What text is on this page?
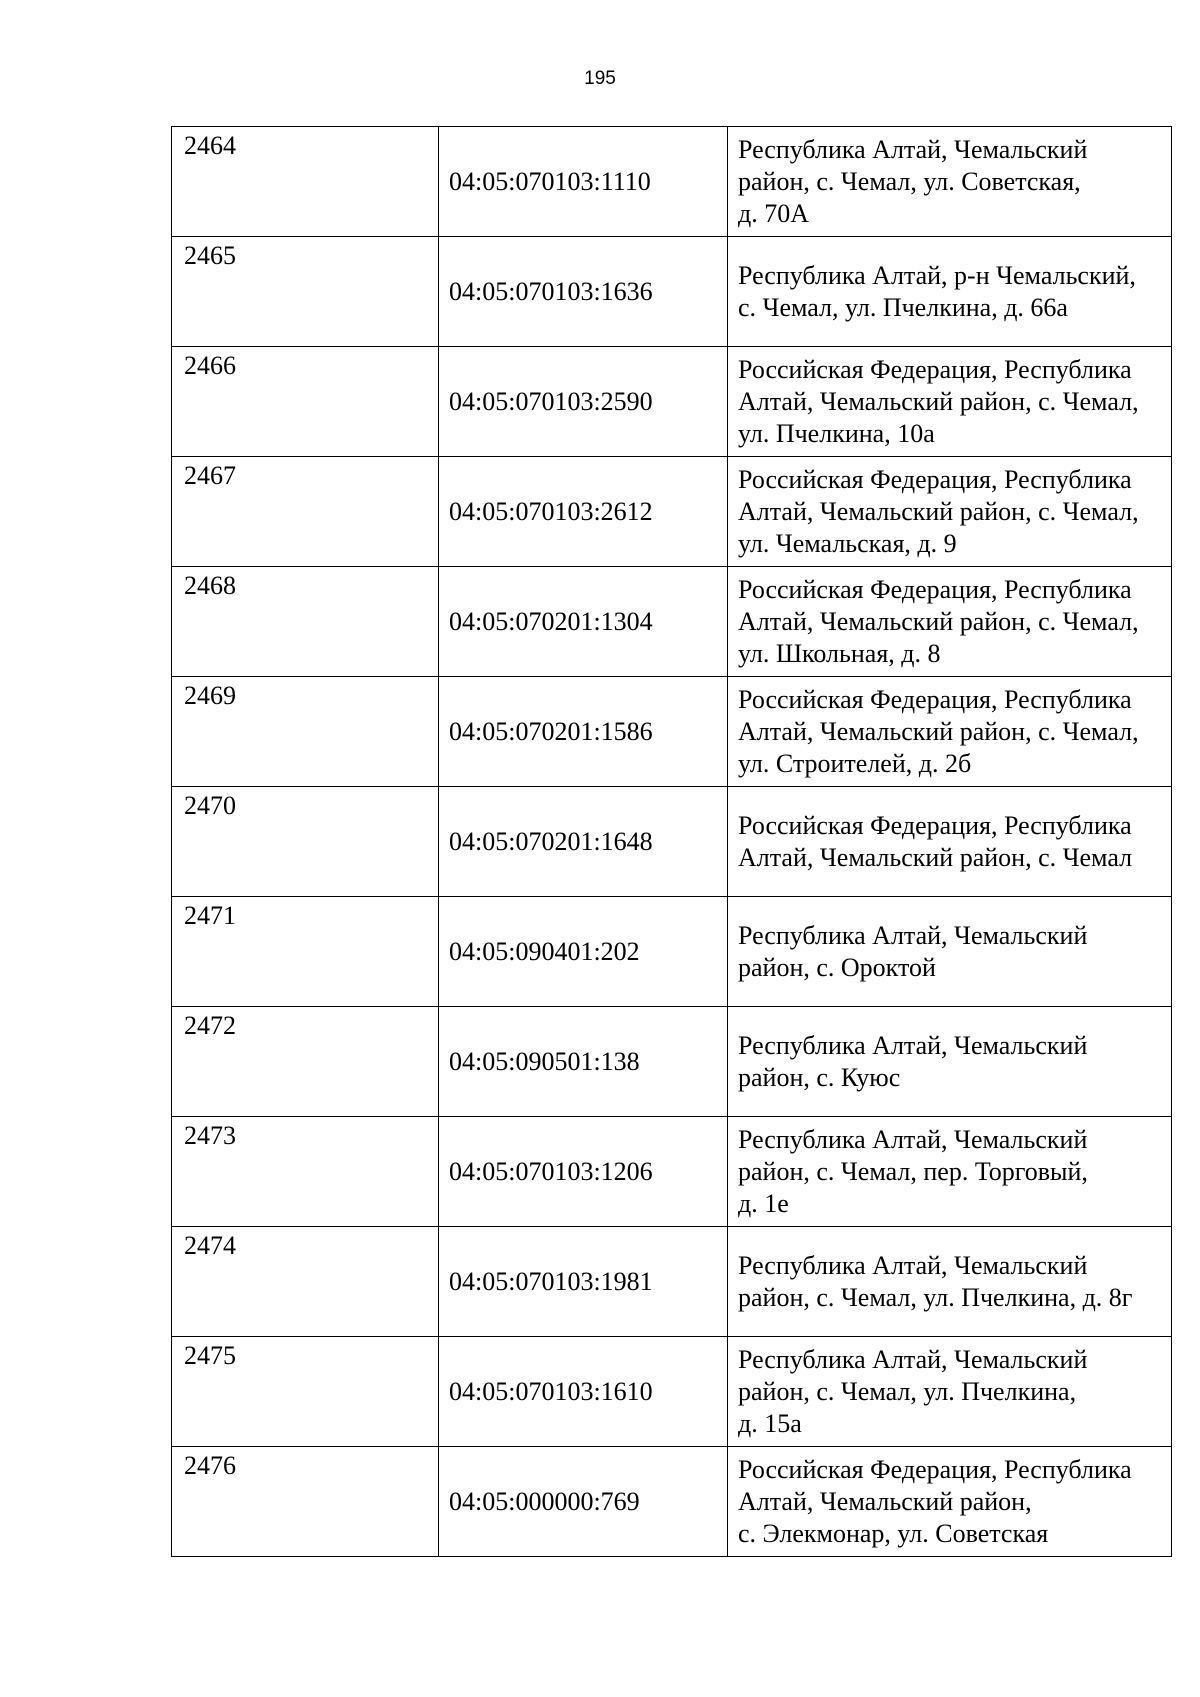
195
2464	04:05:070103:1110	Республика Алтай, Чемальский
район, с. Чемал, ул. Советская,
д. 70А
2465	04:05:070103:1636	Республика Алтай, р-н Чемальский,
с. Чемал, ул. Пчелкина, д. 66а
2466	04:05:070103:2590	Российская Федерация, Республика
Алтай, Чемальский район, с. Чемал,
ул. Пчелкина, 10а
2467	04:05:070103:2612	Российская Федерация, Республика
Алтай, Чемальский район, с. Чемал,
ул. Чемальская, д. 9
2468	04:05:070201:1304	Российская Федерация, Республика
Алтай, Чемальский район, с. Чемал,
ул. Школьная, д. 8
2469	04:05:070201:1586	Российская Федерация, Республика
Алтай, Чемальский район, с. Чемал,
ул. Строителей, д. 2б
2470	04:05:070201:1648	Российская Федерация, Республика
Алтай, Чемальский район, с. Чемал
2471	04:05:090401:202	Республика Алтай, Чемальский
район, с. Ороктой
2472	04:05:090501:138	Республика Алтай, Чемальский
район, с. Куюс
2473	04:05:070103:1206	Республика Алтай, Чемальский
район, с. Чемал, пер. Торговый,
д. 1е
2474	04:05:070103:1981	Республика Алтай, Чемальский
район, с. Чемал, ул. Пчелкина, д. 8г
2475	04:05:070103:1610	Республика Алтай, Чемальский
район, с. Чемал, ул. Пчелкина,
д. 15а
2476	04:05:000000:769	Российская Федерация, Республика
Алтай, Чемальский район,
с. Элекмонар, ул. Советская
